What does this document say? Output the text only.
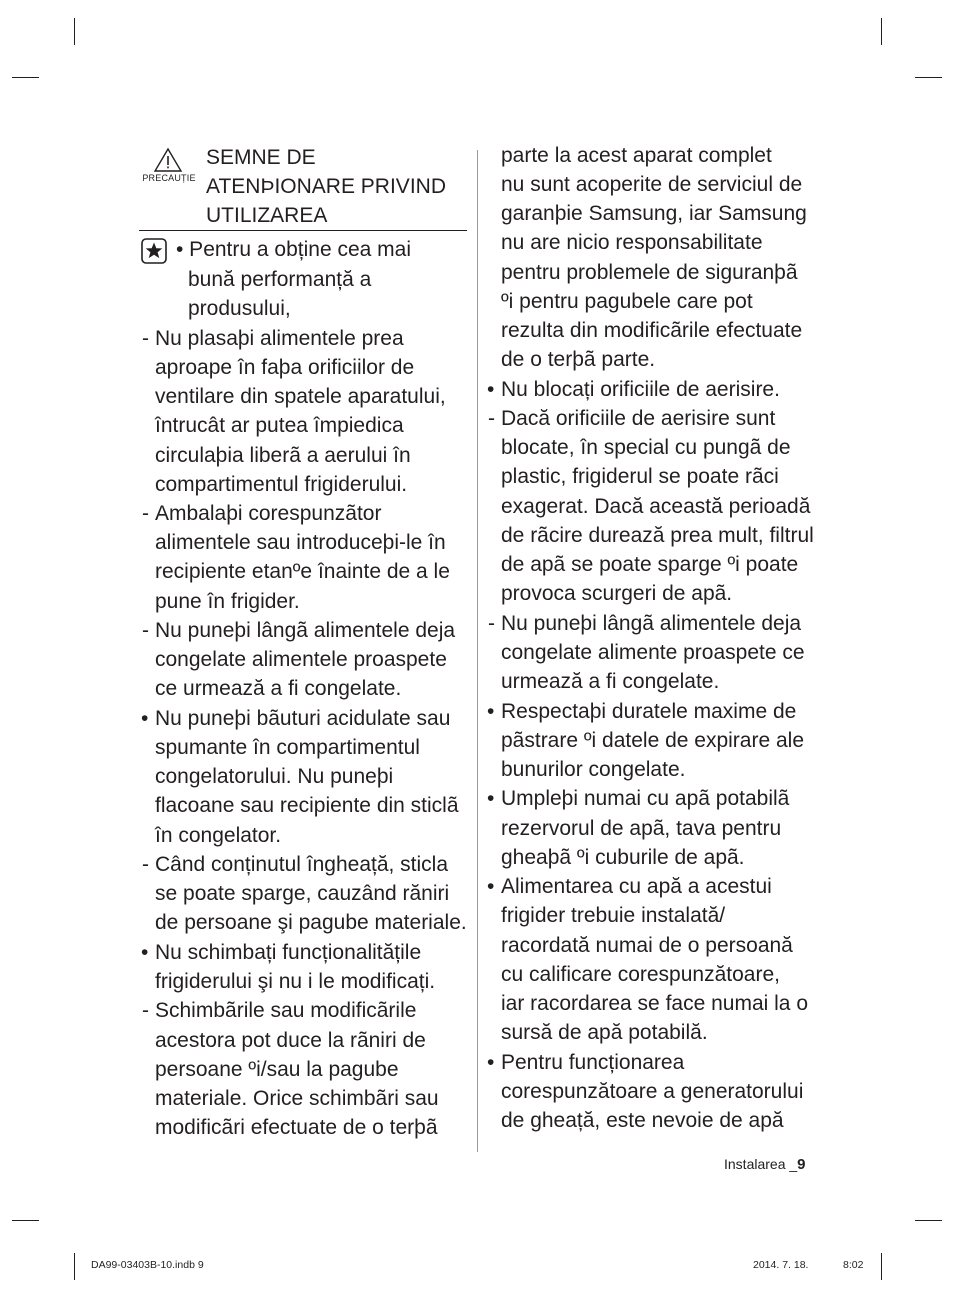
PRECAUȚIE
SEMNE DE
ATENÞIONARE PRIVIND
UTILIZAREA
• Pentru a obține cea mai
bună performanță a
produsului,
- Nu plasaþi alimentele prea
aproape în faþa orificiilor de
ventilare din spatele aparatului,
întrucât ar putea împiedica
circulaþia liberã a aerului în
compartimentul frigiderului.
- Ambalaþi corespunzãtor
alimentele sau introduceþi-le în
recipiente etanºe înainte de a le
pune în frigider.
- Nu puneþi lângã alimentele deja
congelate alimentele proaspete
ce urmează a fi congelate.
• Nu puneþi bãuturi acidulate sau
spumante în compartimentul
congelatorului. Nu puneþi
flacoane sau recipiente din sticlã
în congelator.
- Când conținutul îngheață, sticla
se poate sparge, cauzând răniri
de persoane şi pagube materiale.
• Nu schimbați funcționalitățile
frigiderului şi nu i le modificați.
- Schimbãrile sau modificãrile
acestora pot duce la rãniri de
persoane ºi/sau la pagube
materiale. Orice schimbãri sau
modificãri efectuate de o terþã
parte la acest aparat complet
nu sunt acoperite de serviciul de
garanþie Samsung, iar Samsung
nu are nicio responsabilitate
pentru problemele de siguranþã
ºi pentru pagubele care pot
rezulta din modificãrile efectuate
de o terþã parte.
• Nu blocați orificiile de aerisire.
- Dacă orificiile de aerisire sunt
blocate, în special cu pungã de
plastic, frigiderul se poate rãci
exagerat. Dacă această perioadă
de rãcire durează prea mult, filtrul
de apã se poate sparge ºi poate
provoca scurgeri de apã.
- Nu puneþi lângã alimentele deja
congelate alimente proaspete ce
urmează a fi congelate.
• Respectaþi duratele maxime de
pãstrare ºi datele de expirare ale
bunurilor congelate.
• Umpleþi numai cu apã potabilã
rezervorul de apã, tava pentru
gheaþã ºi cuburile de apã.
• Alimentarea cu apă a acestui
frigider trebuie instalată/
racordată numai de o persoană
cu calificare corespunzătoare,
iar racordarea se face numai la o
sursă de apă potabilă.
• Pentru funcționarea
corespunzătoare a generatorului
de gheață, este nevoie de apă
Instalarea _9
DA99-03403B-10.indb 9	2014. 7. 18.	8:02
